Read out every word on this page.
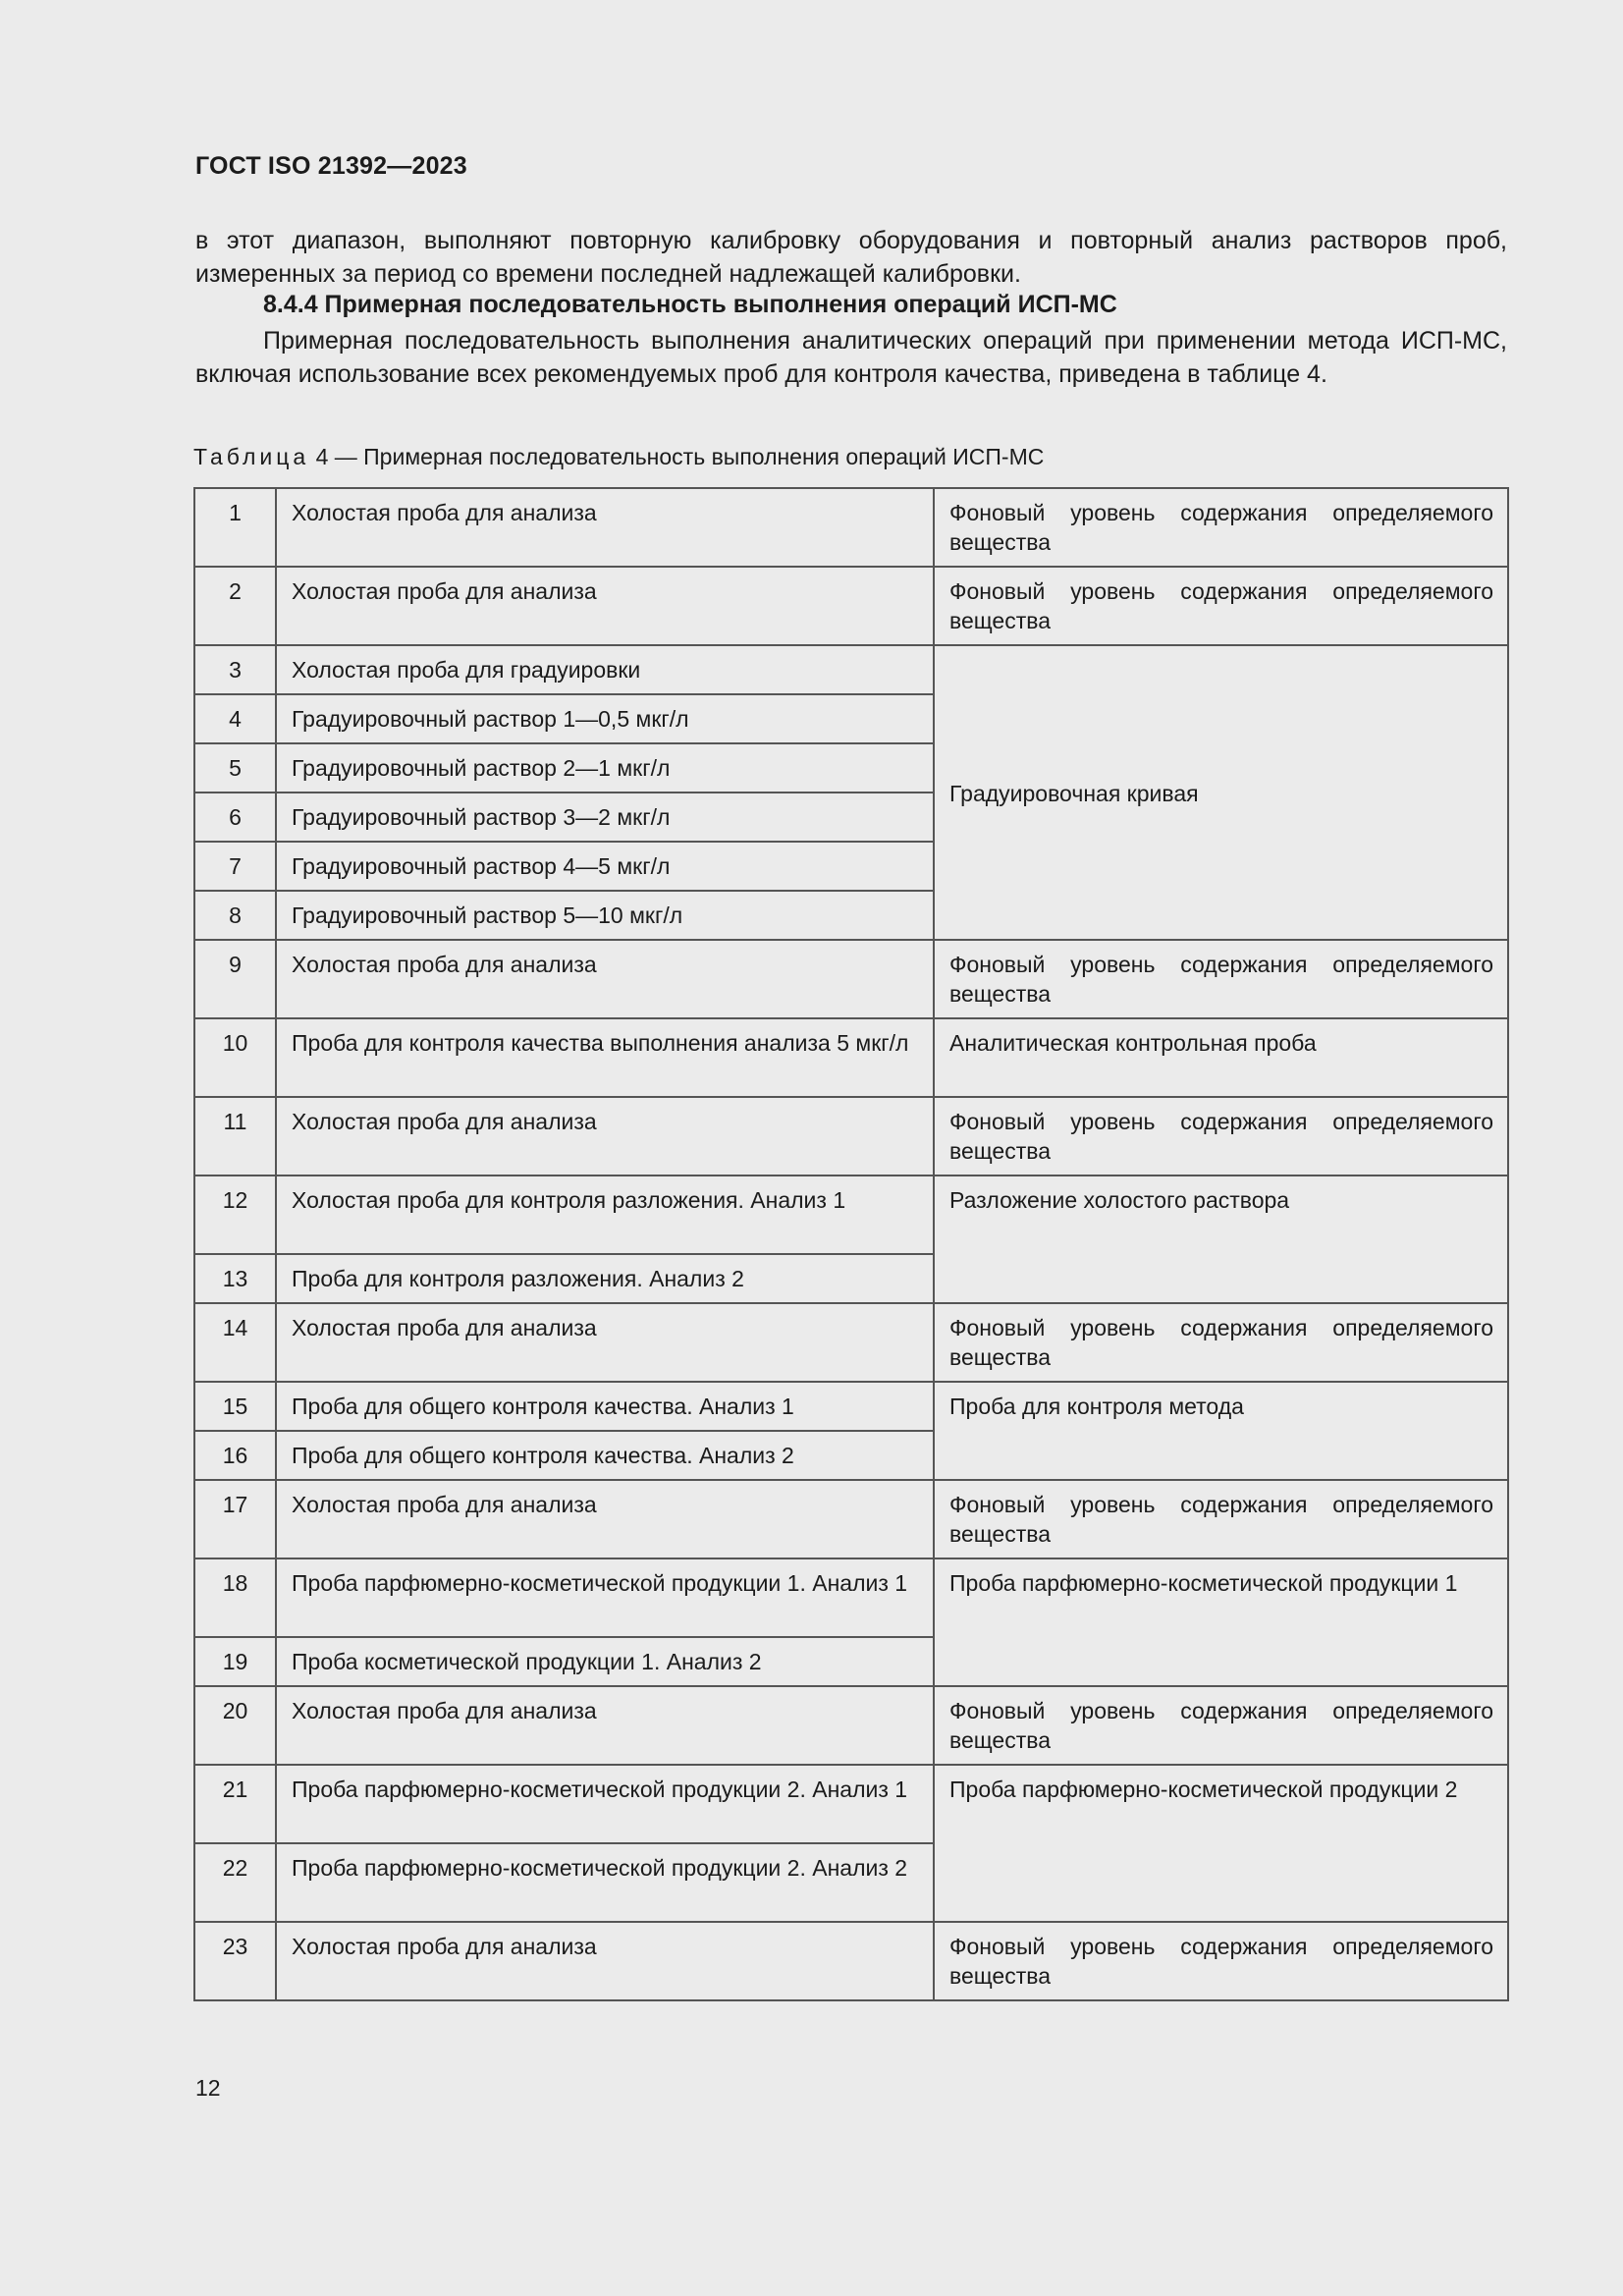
ГОСТ ISO 21392—2023

в этот диапазон, выполняют повторную калибровку оборудования и повторный анализ растворов проб, измеренных за период со времени последней надлежащей калибровки.

8.4.4 Примерная последовательность выполнения операций ИСП-МС

Примерная последовательность выполнения аналитических операций при применении метода ИСП-МС, включая использование всех рекомендуемых проб для контроля качества, приведена в таблице 4.

Таблица 4 — Примерная последовательность выполнения операций ИСП-МС
1	Холостая проба для анализа	Фоновый уровень содержания определяемого вещества
2	Холостая проба для анализа	Фоновый уровень содержания определяемого вещества
3	Холостая проба для градуировки	Градуировочная кривая
4	Градуировочный раствор 1—0,5 мкг/л	
5	Градуировочный раствор 2—1 мкг/л	
6	Градуировочный раствор 3—2 мкг/л	
7	Градуировочный раствор 4—5 мкг/л	
8	Градуировочный раствор 5—10 мкг/л	
9	Холостая проба для анализа	Фоновый уровень содержания определяемого вещества
10	Проба для контроля качества выполнения анализа 5 мкг/л	Аналитическая контрольная проба
11	Холостая проба для анализа	Фоновый уровень содержания определяемого вещества
12	Холостая проба для контроля разложения. Анализ 1	Разложение холостого раствора
13	Проба для контроля разложения. Анализ 2	
14	Холостая проба для анализа	Фоновый уровень содержания определяемого вещества
15	Проба для общего контроля качества. Анализ 1	Проба для контроля метода
16	Проба для общего контроля качества. Анализ 2	
17	Холостая проба для анализа	Фоновый уровень содержания определяемого вещества
18	Проба парфюмерно-косметической продукции 1. Анализ 1	Проба парфюмерно-косметической продукции 1
19	Проба косметической продукции 1. Анализ 2	
20	Холостая проба для анализа	Фоновый уровень содержания определяемого вещества
21	Проба парфюмерно-косметической продукции 2. Анализ 1	Проба парфюмерно-косметической продукции 2
22	Проба парфюмерно-косметической продукции 2. Анализ 2	
23	Холостая проба для анализа	Фоновый уровень содержания определяемого вещества
12
